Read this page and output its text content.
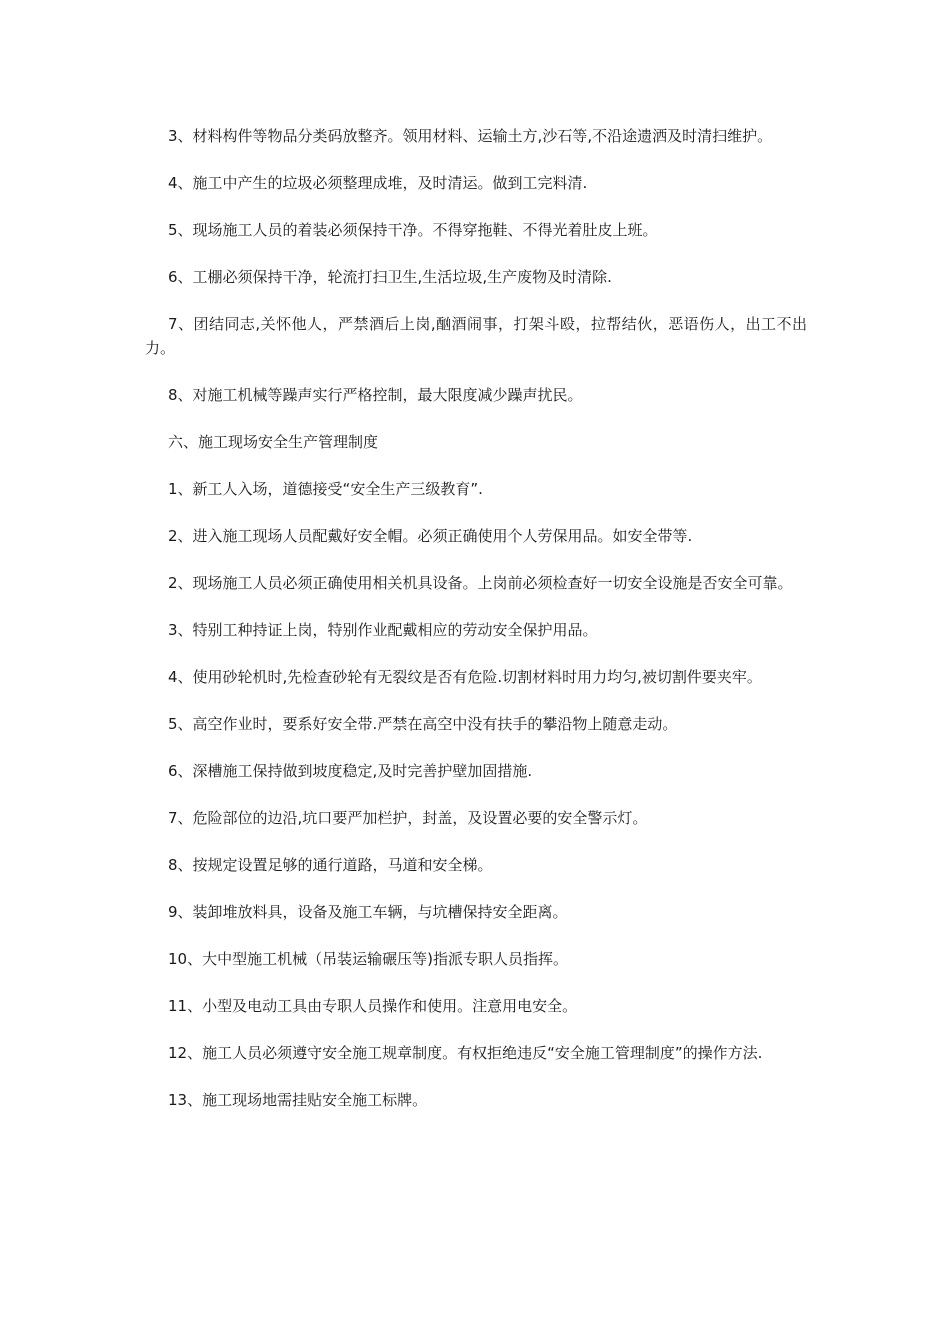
3、材料构件等物品分类码放整齐。领用材料、运输土方,沙石等,不沿途遗洒及时清扫维护。

4、施工中产生的垃圾必须整理成堆，及时清运。做到工完料清.

5、现场施工人员的着装必须保持干净。不得穿拖鞋、不得光着肚皮上班。

6、工棚必须保持干净，轮流打扫卫生,生活垃圾,生产废物及时清除.

7、团结同志,关怀他人，严禁酒后上岗,酗酒闹事，打架斗殴，拉帮结伙，恶语伤人，出工不出力。

8、对施工机械等躁声实行严格控制，最大限度减少躁声扰民。

六、施工现场安全生产管理制度

1、新工人入场，道德接受“安全生产三级教育”.

2、进入施工现场人员配戴好安全帽。必须正确使用个人劳保用品。如安全带等.

2、现场施工人员必须正确使用相关机具设备。上岗前必须检查好一切安全设施是否安全可靠。

3、特别工种持证上岗，特别作业配戴相应的劳动安全保护用品。

4、使用砂轮机时,先检查砂轮有无裂纹是否有危险.切割材料时用力均匀,被切割件要夹牢。

5、高空作业时，要系好安全带.严禁在高空中没有扶手的攀沿物上随意走动。

6、深槽施工保持做到坡度稳定,及时完善护壁加固措施.

7、危险部位的边沿,坑口要严加栏护，封盖，及设置必要的安全警示灯。

8、按规定设置足够的通行道路，马道和安全梯。

9、装卸堆放料具，设备及施工车辆，与坑槽保持安全距离。

10、大中型施工机械（吊装运输碾压等)指派专职人员指挥。

11、小型及电动工具由专职人员操作和使用。注意用电安全。

12、施工人员必须遵守安全施工规章制度。有权拒绝违反“安全施工管理制度”的操作方法.

13、施工现场地需挂贴安全施工标牌。
